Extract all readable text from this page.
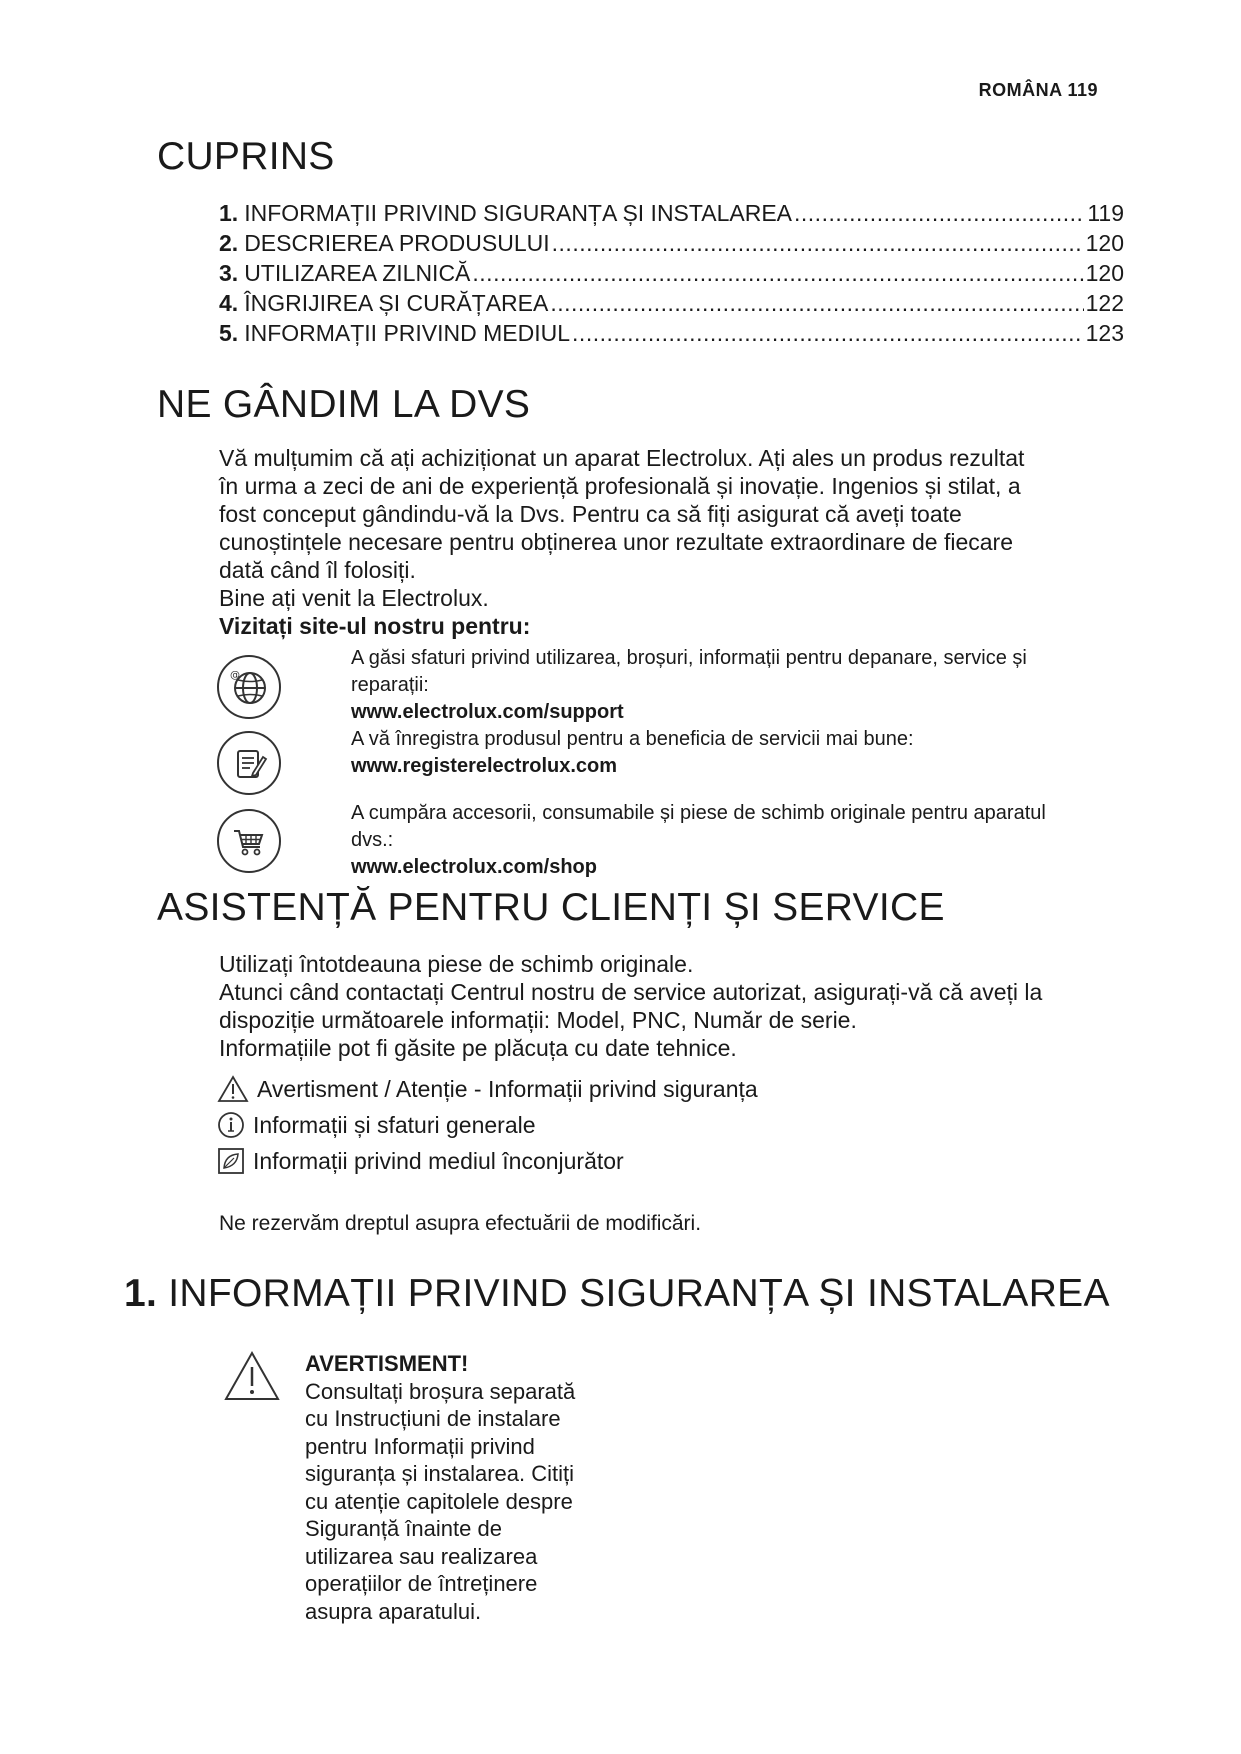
ROMÂNA 119
CUPRINS
1. INFORMAȚII PRIVIND SIGURANȚA ȘI INSTALAREA .....	119
2. DESCRIEREA PRODUSULUI .....	120
3. UTILIZAREA ZILNICĂ .....	120
4. ÎNGRIJIREA ȘI CURĂȚAREA .....	122
5. INFORMAȚII PRIVIND MEDIUL .....	123
NE GÂNDIM LA DVS

Vă mulțumim că ați achiziționat un aparat Electrolux. Ați ales un produs rezultat

în urma a zeci de ani de experiență profesională și inovație. Ingenios și stilat, a

fost conceput gândindu-vă la Dvs. Pentru ca să fiți asigurat că aveți toate

cunoștințele necesare pentru obținerea unor rezultate extraordinare de fiecare

dată când îl folosiți.

Bine ați venit la Electrolux.

Vizitați site-ul nostru pentru:

@
A găsi sfaturi privind utilizarea, broșuri, informații pentru depanare, service și
reparații:
www.electrolux.com/support
A vă înregistra produsul pentru a beneficia de servicii mai bune:
www.registerelectrolux.com
A cumpăra accesorii, consumabile și piese de schimb originale pentru aparatul
dvs.:
www.electrolux.com/shop
ASISTENȚĂ PENTRU CLIENȚI ȘI SERVICE

Utilizați întotdeauna piese de schimb originale.

Atunci când contactați Centrul nostru de service autorizat, asigurați-vă că aveți la

dispoziție următoarele informații: Model, PNC, Număr de serie.

Informațiile pot fi găsite pe plăcuța cu date tehnice.

Avertisment / Atenție - Informații privind siguranța
Informații și sfaturi generale
Informații privind mediul înconjurător
Ne rezervăm dreptul asupra efectuării de modificări.
1. INFORMAȚII PRIVIND SIGURANȚA ȘI INSTALAREA

AVERTISMENT!

Consultați broșura separată

cu Instrucțiuni de instalare

pentru Informații privind

siguranța și instalarea. Citiți

cu atenție capitolele despre

Siguranță înainte de

utilizarea sau realizarea

operațiilor de întreținere

asupra aparatului.
